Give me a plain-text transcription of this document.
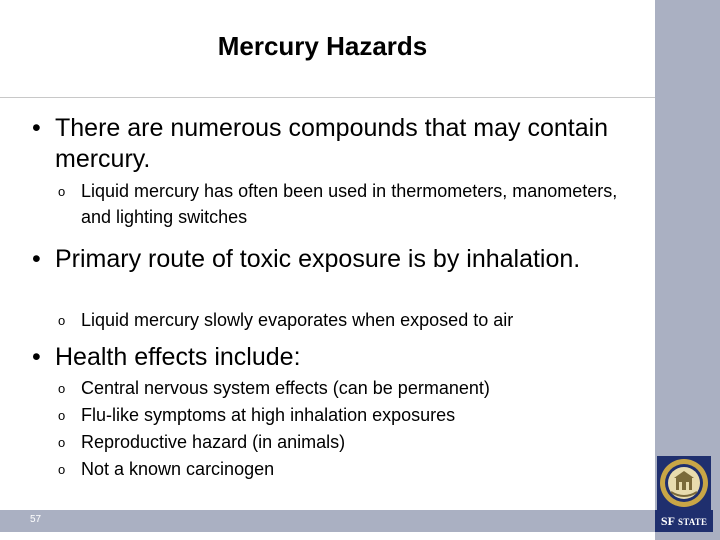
Mercury Hazards
• There are numerous compounds that may contain mercury.
o Liquid mercury has often been used in thermometers, manometers, and lighting switches
• Primary route of toxic exposure is by inhalation.
o Liquid mercury slowly evaporates when exposed to air
• Health effects include:
o Central nervous system effects (can be permanent)
o Flu-like symptoms at high inhalation exposures
o Reproductive hazard (in animals)
o Not a known carcinogen
57	SF STATE
